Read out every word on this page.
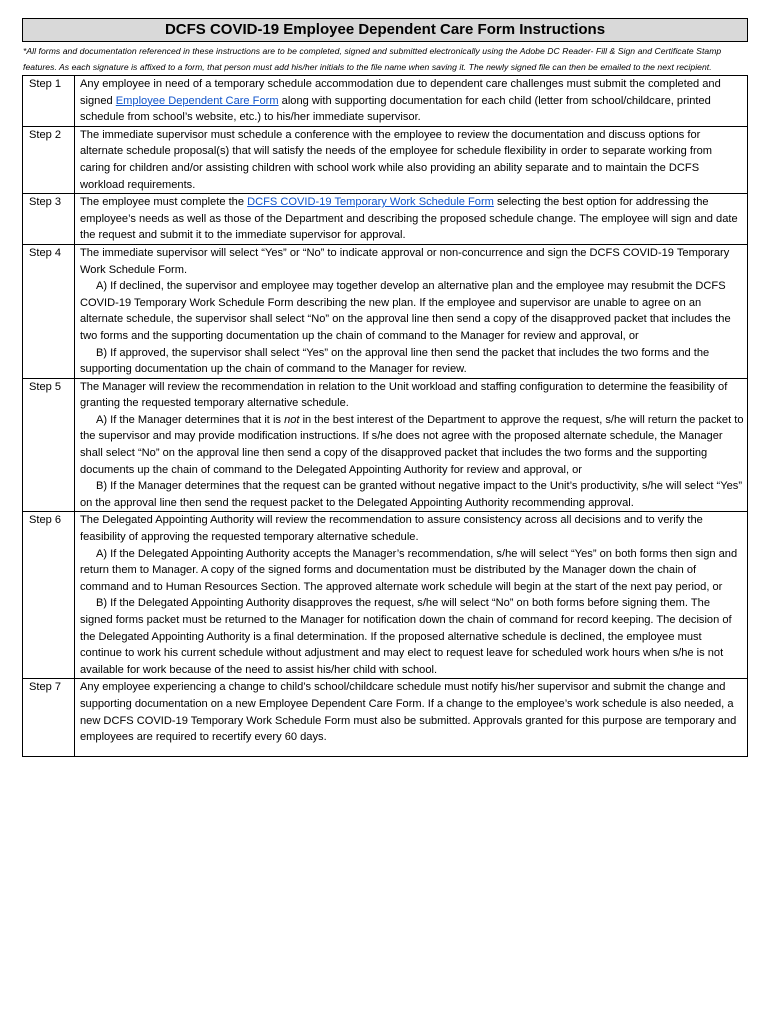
DCFS COVID-19 Employee Dependent Care Form Instructions
*All forms and documentation referenced in these instructions are to be completed, signed and submitted electronically using the Adobe DC Reader- Fill & Sign and Certificate Stamp features. As each signature is affixed to a form, that person must add his/her initials to the file name when saving it. The newly signed file can then be emailed to the next recipient.
Step 1	Any employee in need of a temporary schedule accommodation due to dependent care challenges must submit the completed and signed Employee Dependent Care Form along with supporting documentation for each child (letter from school/childcare, printed schedule from school’s website, etc.) to his/her immediate supervisor.
Step 2	The immediate supervisor must schedule a conference with the employee to review the documentation and discuss options for alternate schedule proposal(s) that will satisfy the needs of the employee for schedule flexibility in order to separate working from caring for children and/or assisting children with school work while also providing an ability separate and to maintain the DCFS workload requirements.
Step 3	The employee must complete the DCFS COVID-19 Temporary Work Schedule Form selecting the best option for addressing the employee’s needs as well as those of the Department and describing the proposed schedule change. The employee will sign and date the request and submit it to the immediate supervisor for approval.
Step 4	The immediate supervisor will select “Yes” or “No” to indicate approval or non-concurrence and sign the DCFS COVID-19 Temporary Work Schedule Form.

A) If declined, the supervisor and employee may together develop an alternative plan and the employee may resubmit the DCFS COVID-19 Temporary Work Schedule Form describing the new plan. If the employee and supervisor are unable to agree on an alternate schedule, the supervisor shall select “No” on the approval line then send a copy of the disapproved packet that includes the two forms and the supporting documentation up the chain of command to the Manager for review and approval, or

B) If approved, the supervisor shall select “Yes” on the approval line then send the packet that includes the two forms and the supporting documentation up the chain of command to the Manager for review.

Step 5	The Manager will review the recommendation in relation to the Unit workload and staffing configuration to determine the feasibility of granting the requested temporary alternative schedule.

A) If the Manager determines that it is not in the best interest of the Department to approve the request, s/he will return the packet to the supervisor and may provide modification instructions. If s/he does not agree with the proposed alternate schedule, the Manager shall select “No” on the approval line then send a copy of the disapproved packet that includes the two forms and the supporting documents up the chain of command to the Delegated Appointing Authority for review and approval, or

B) If the Manager determines that the request can be granted without negative impact to the Unit’s productivity, s/he will select “Yes” on the approval line then send the request packet to the Delegated Appointing Authority recommending approval.

Step 6	The Delegated Appointing Authority will review the recommendation to assure consistency across all decisions and to verify the feasibility of approving the requested temporary alternative schedule.

A) If the Delegated Appointing Authority accepts the Manager’s recommendation, s/he will select “Yes” on both forms then sign and return them to Manager. A copy of the signed forms and documentation must be distributed by the Manager down the chain of command and to Human Resources Section. The approved alternate work schedule will begin at the start of the next pay period, or

B) If the Delegated Appointing Authority disapproves the request, s/he will select “No” on both forms before signing them. The signed forms packet must be returned to the Manager for notification down the chain of command for record keeping. The decision of the Delegated Appointing Authority is a final determination. If the proposed alternative schedule is declined, the employee must continue to work his current schedule without adjustment and may elect to request leave for scheduled work hours when s/he is not available for work because of the need to assist his/her child with school.

Step 7	Any employee experiencing a change to child’s school/childcare schedule must notify his/her supervisor and submit the change and supporting documentation on a new Employee Dependent Care Form. If a change to the employee’s work schedule is also needed, a new DCFS COVID-19 Temporary Work Schedule Form must also be submitted. Approvals granted for this purpose are temporary and employees are required to recertify every 60 days.
